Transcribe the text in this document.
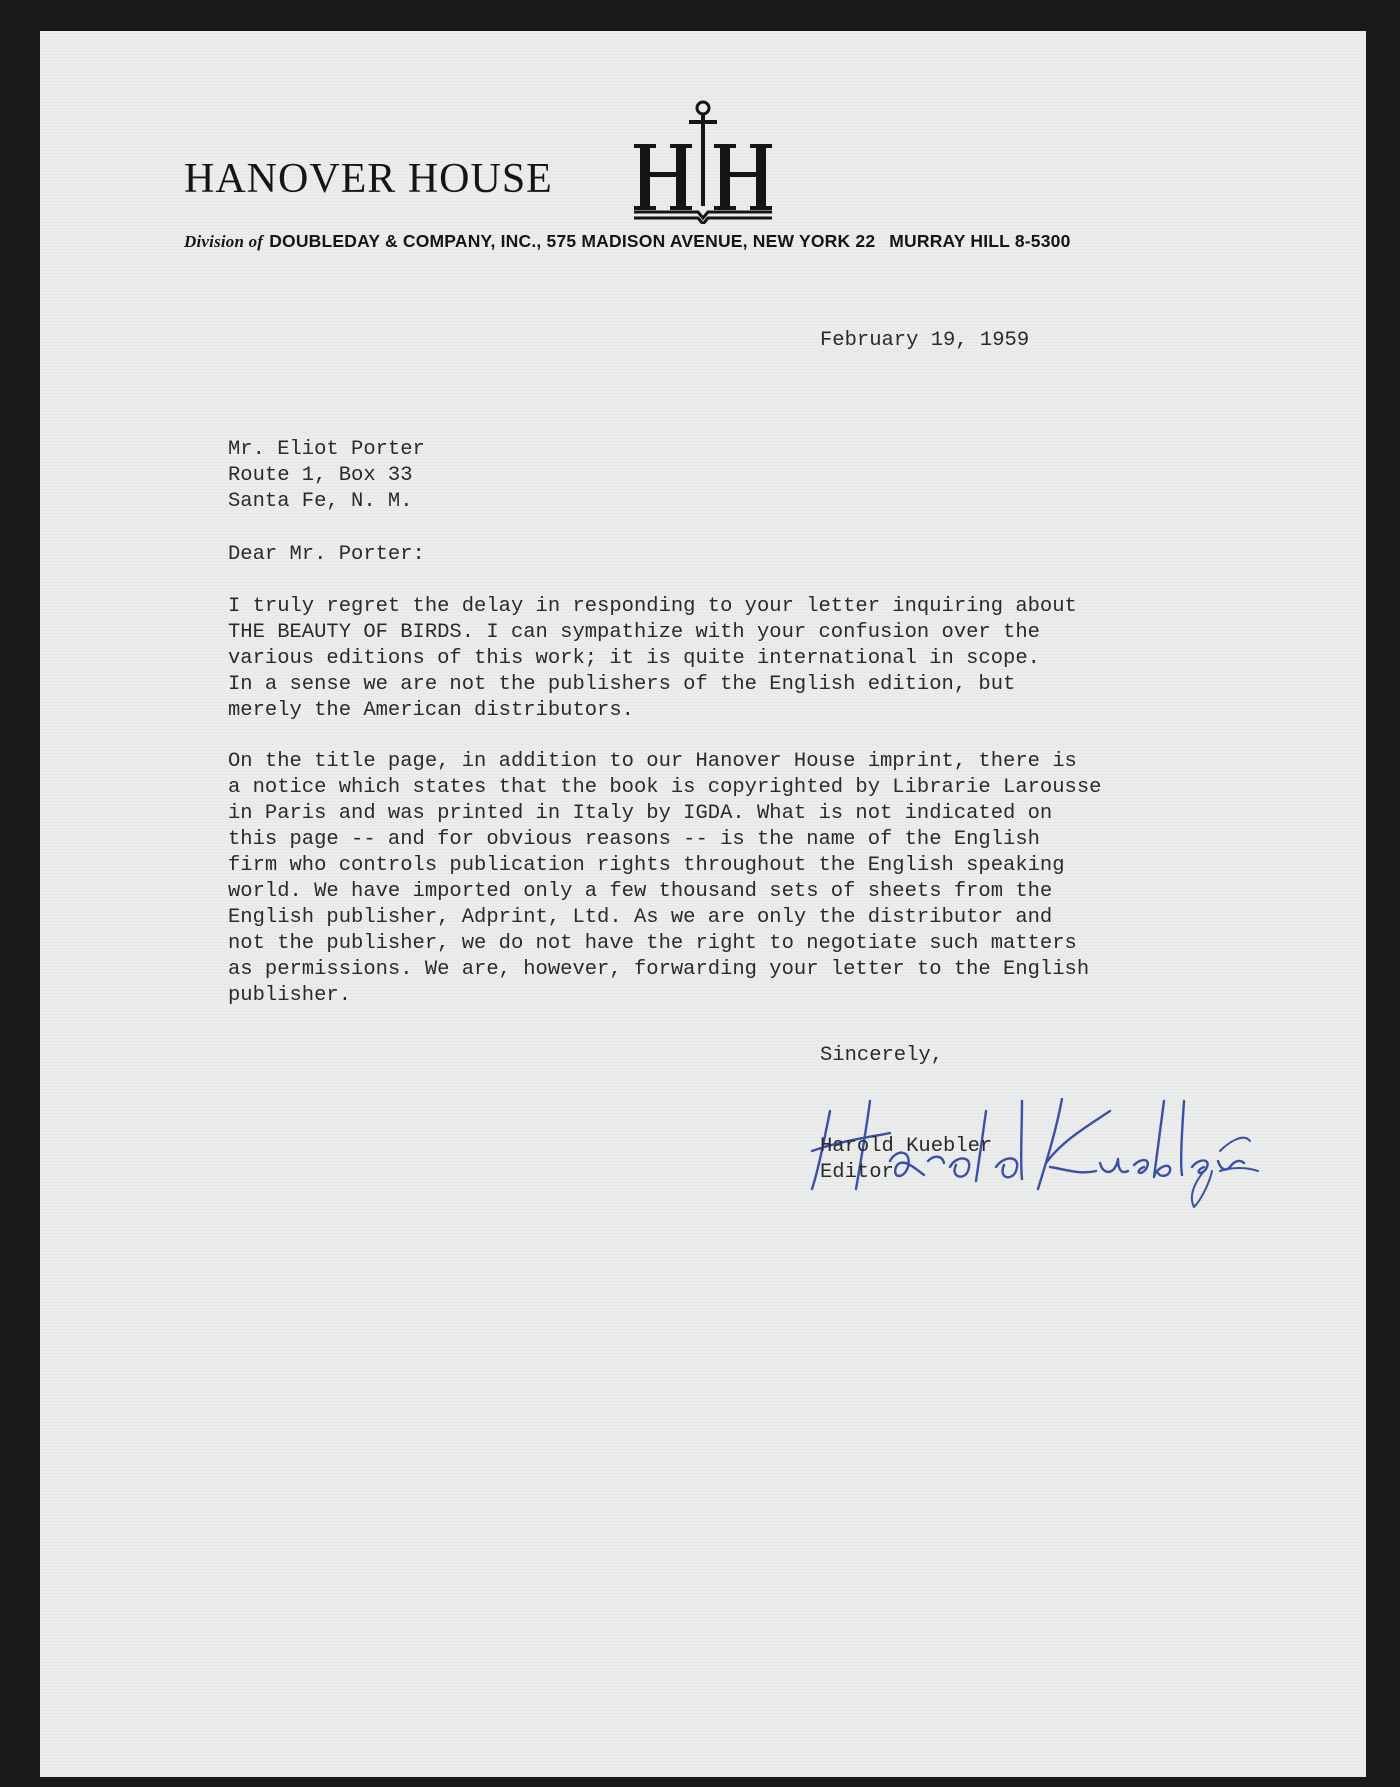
HANOVER HOUSE
Division of DOUBLEDAY & COMPANY, INC., 575 MADISON AVENUE, NEW YORK 22 MURRAY HILL 8-5300
February 19, 1959
Mr. Eliot Porter
Route 1, Box 33
Santa Fe, N. M.
Dear Mr. Porter:
I truly regret the delay in responding to your letter inquiring about
THE BEAUTY OF BIRDS. I can sympathize with your confusion over the
various editions of this work; it is quite international in scope.
In a sense we are not the publishers of the English edition, but
merely the American distributors.
On the title page, in addition to our Hanover House imprint, there is
a notice which states that the book is copyrighted by Librarie Larousse
in Paris and was printed in Italy by IGDA. What is not indicated on
this page -- and for obvious reasons -- is the name of the English
firm who controls publication rights throughout the English speaking
world. We have imported only a few thousand sets of sheets from the
English publisher, Adprint, Ltd. As we are only the distributor and
not the publisher, we do not have the right to negotiate such matters
as permissions. We are, however, forwarding your letter to the English
publisher.
Sincerely,
Harold Kuebler
Editor
